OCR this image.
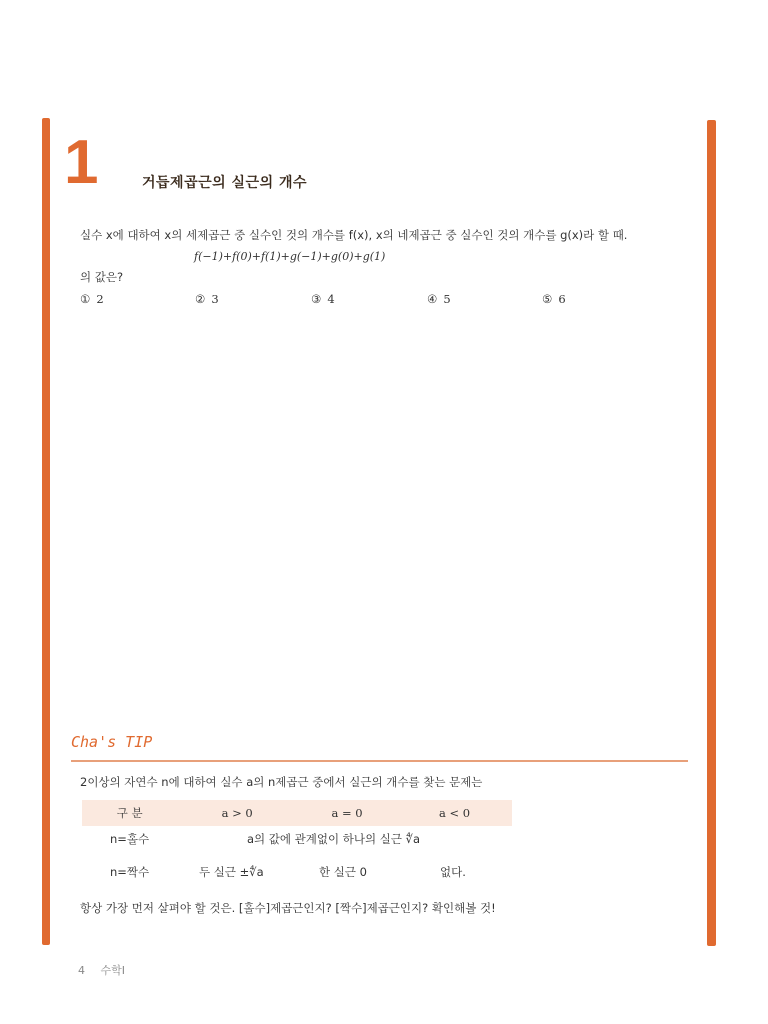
1	거듭제곱근의 실근의 개수
실수 x에 대하여 x의 세제곱근 중 실수인 것의 개수를 f(x), x의 네제곱근 중 실수인 것의 개수를 g(x)라 할 때.
f(−1)+f(0)+f(1)+g(−1)+g(0)+g(1)
의 값은?
① 2	② 3	③ 4	④ 5	⑤ 6
Cha's TIP
2이상의 자연수 n에 대하여 실수 a의 n제곱근 중에서 실근의 개수를 찾는 문제는
구 분	a > 0	a = 0	a < 0
n=홀수	a의 값에 관계없이 하나의 실근 ∜a
n=짝수	두 실근 ±∜a	한 실근 0	없다.
항상 가장 먼저 살펴야 할 것은. [홀수]제곱근인지? [짝수]제곱근인지? 확인해볼 것!
4 수학I
